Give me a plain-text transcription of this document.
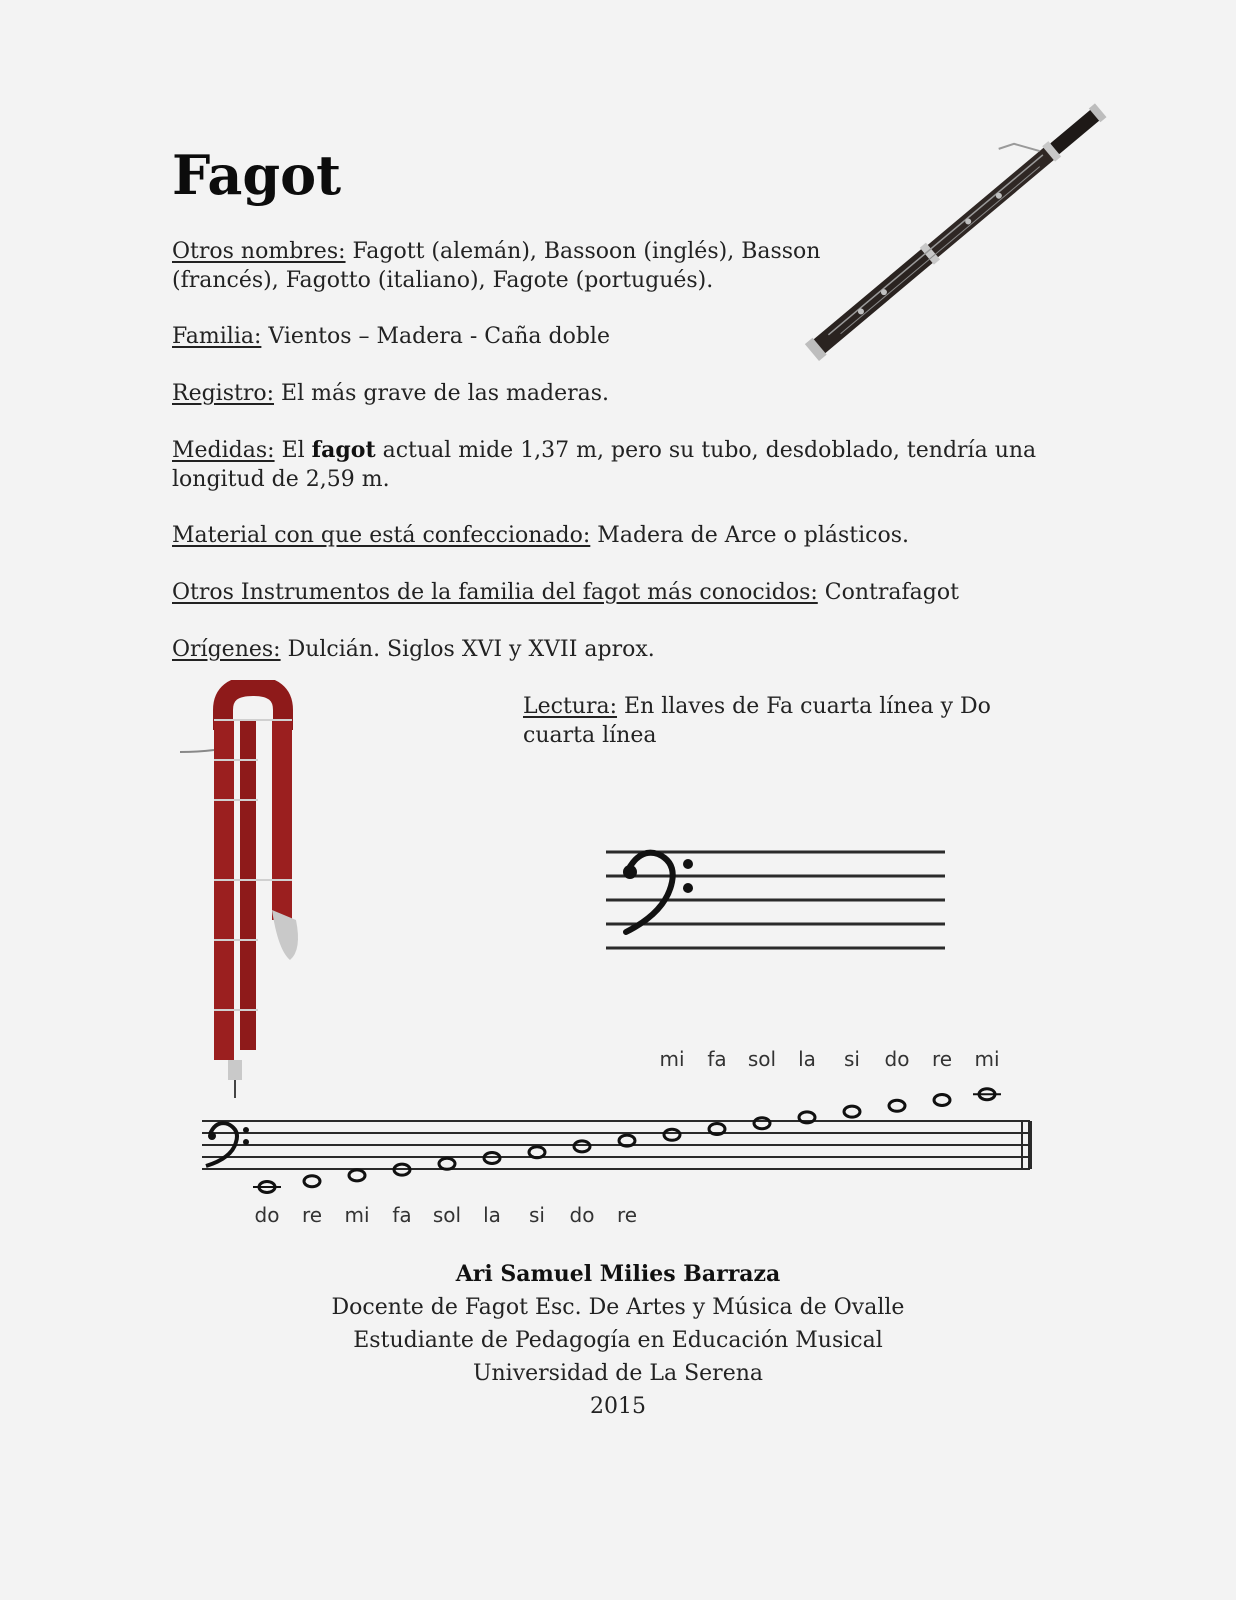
Fagot

Otros nombres: Fagott (alemán), Bassoon (inglés), Basson (francés), Fagotto (italiano), Fagote (portugués).

Familia: Vientos – Madera - Caña doble

Registro: El más grave de las maderas.

Medidas: El fagot actual mide 1,37 m, pero su tubo, desdoblado, tendría una longitud de 2,59 m.

Material con que está confeccionado: Madera de Arce o plásticos.

Otros Instrumentos de la familia del fagot más conocidos: Contrafagot

Orígenes: Dulcián. Siglos XVI y XVII aprox.

Lectura: En llaves de Fa cuarta línea y Do cuarta línea

do re mi fa sol la si do re
mi fa sol la si do re mi
Ari Samuel Milies Barraza
Docente de Fagot Esc. De Artes y Música de Ovalle
Estudiante de Pedagogía en Educación Musical
Universidad de La Serena
2015
